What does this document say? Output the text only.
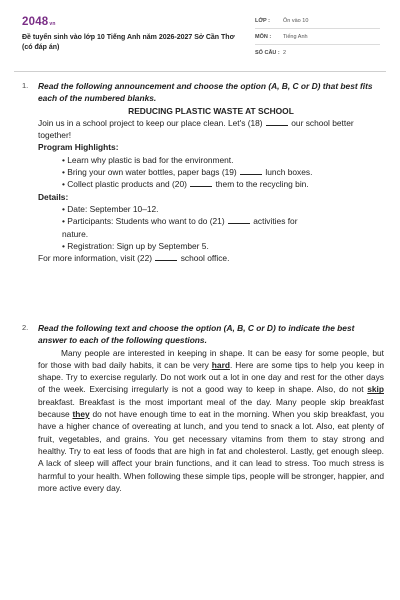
2048vn
Đề tuyển sinh vào lớp 10 Tiếng Anh năm 2026-2027 Sở Cần Thơ (có đáp án)
LỚP : Ôn vào 10
MÔN : Tiếng Anh
SỐ CÂU : 2
1. Read the following announcement and choose the option (A, B, C or D) that best fits each of the numbered blanks.
REDUCING PLASTIC WASTE AT SCHOOL
Join us in a school project to keep our place clean. Let's (18)	our school better together!
Program Highlights:
• Learn why plastic is bad for the environment.
• Bring your own water bottles, paper bags (19)	lunch boxes.
• Collect plastic products and (20)	them to the recycling bin.
Details:
• Date: September 10–12.
• Participants: Students who want to do (21)	activities for
nature.
• Registration: Sign up by September 5.
For more information, visit (22)	school office.
2. Read the following text and choose the option (A, B, C or D) to indicate the best answer to each of the following questions.
Many people are interested in keeping in shape. It can be easy for some people, but for those with bad daily habits, it can be very hard. Here are some tips to help you keep in shape. Try to exercise regularly. Do not work out a lot in one day and rest for the other days of the week. Exercising irregularly is not a good way to keep in shape. Also, do not skip breakfast. Breakfast is the most important meal of the day. Many people skip breakfast because they do not have enough time to eat in the morning. When you skip breakfast, you have a higher chance of overeating at lunch, and you tend to snack a lot. Also, eat plenty of fruit, vegetables, and grains. You get necessary vitamins from them to stay strong and healthy. Try to eat less of foods that are high in fat and cholesterol. Lastly, get enough sleep. A lack of sleep will affect your brain functions, and it can lead to stress. Too much stress is harmful to your health. When following these simple tips, people will be stronger, happier, and more active every day.
